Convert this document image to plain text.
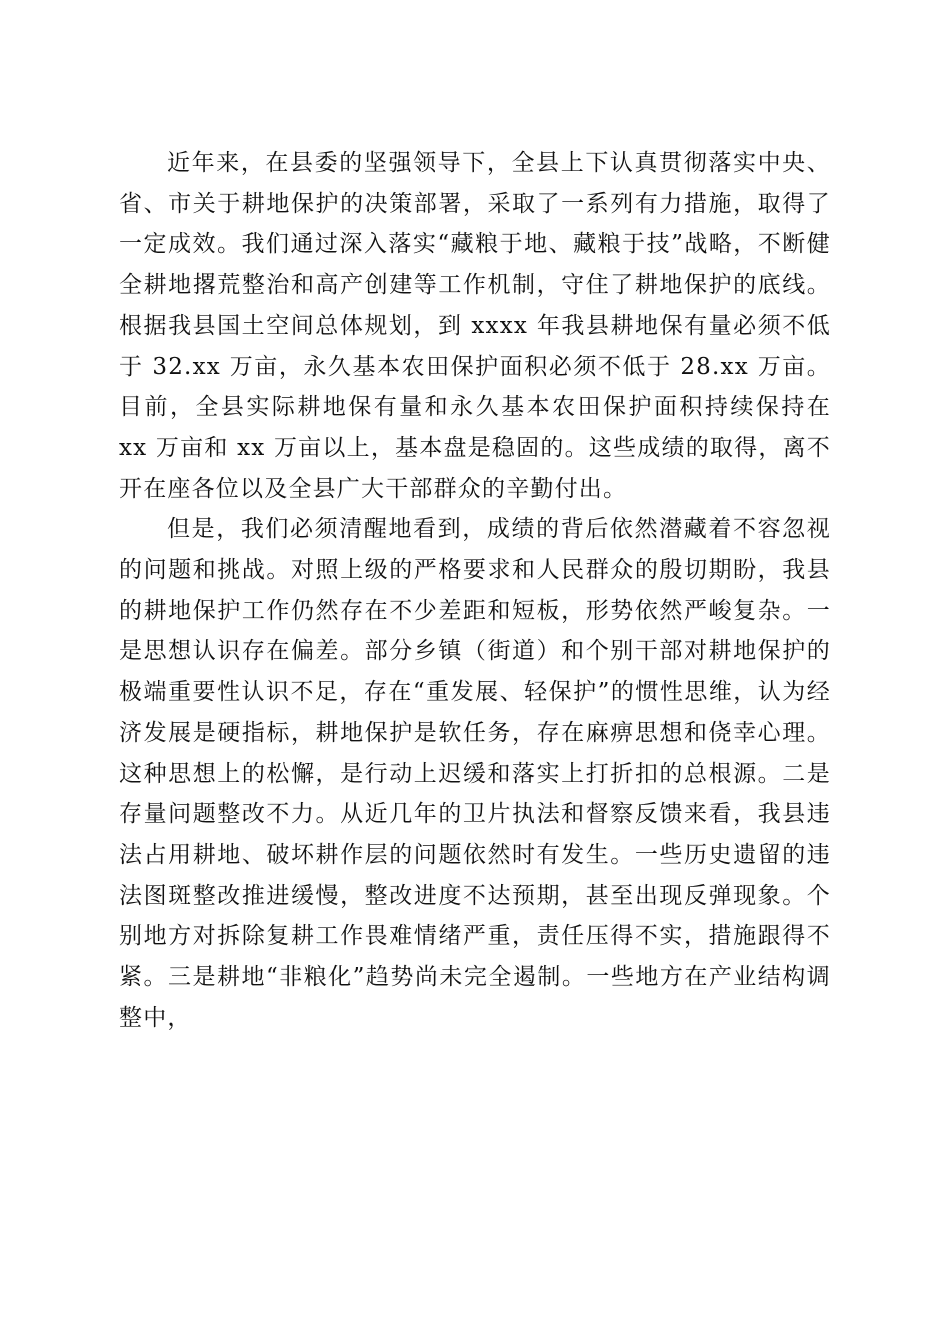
近年来，在县委的坚强领导下，全县上下认真贯彻落实中央、省、市关于耕地保护的决策部署，采取了一系列有力措施，取得了一定成效。我们通过深入落实“藏粮于地、藏粮于技”战略，不断健全耕地撂荒整治和高产创建等工作机制，守住了耕地保护的底线。根据我县国土空间总体规划，到 xxxx 年我县耕地保有量必须不低于 32.xx 万亩，永久基本农田保护面积必须不低于 28.xx 万亩。目前，全县实际耕地保有量和永久基本农田保护面积持续保持在 xx 万亩和 xx 万亩以上，基本盘是稳固的。这些成绩的取得，离不开在座各位以及全县广大干部群众的辛勤付出。

但是，我们必须清醒地看到，成绩的背后依然潜藏着不容忽视的问题和挑战。对照上级的严格要求和人民群众的殷切期盼，我县的耕地保护工作仍然存在不少差距和短板，形势依然严峻复杂。一是思想认识存在偏差。部分乡镇（街道）和个别干部对耕地保护的极端重要性认识不足，存在“重发展、轻保护”的惯性思维，认为经济发展是硬指标，耕地保护是软任务，存在麻痹思想和侥幸心理。这种思想上的松懈，是行动上迟缓和落实上打折扣的总根源。二是存量问题整改不力。从近几年的卫片执法和督察反馈来看，我县违法占用耕地、破坏耕作层的问题依然时有发生。一些历史遗留的违法图斑整改推进缓慢，整改进度不达预期，甚至出现反弹现象。个别地方对拆除复耕工作畏难情绪严重，责任压得不实，措施跟得不紧。三是耕地“非粮化”趋势尚未完全遏制。一些地方在产业结构调整中，
